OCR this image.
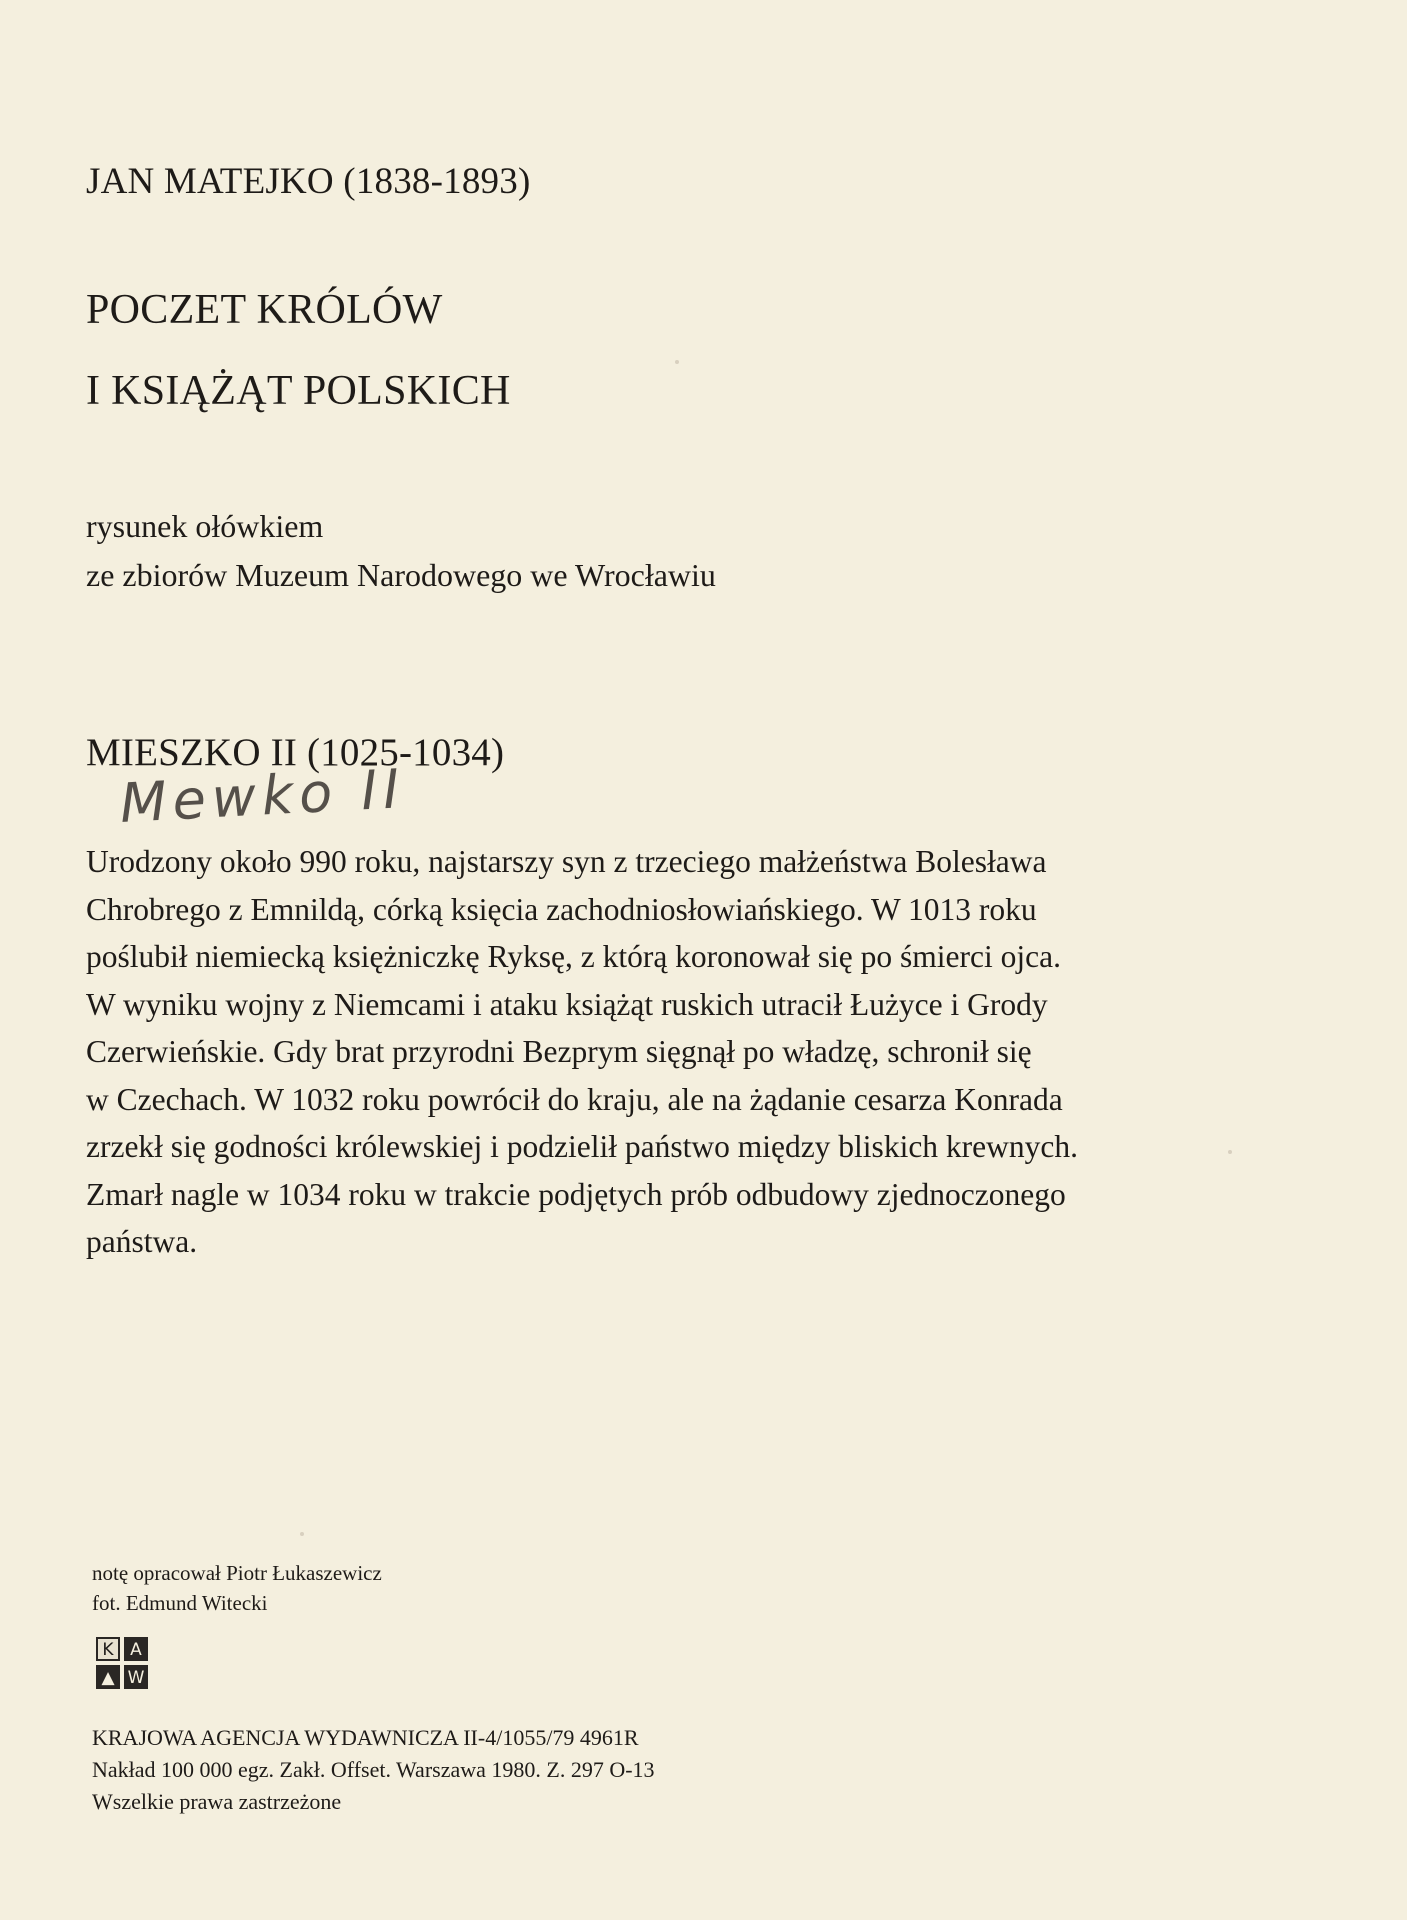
JAN MATEJKO (1838-1893)
POCZET KRÓLÓW
I KSIĄŻĄT POLSKICH
rysunek ołówkiem
ze zbiorów Muzeum Narodowego we Wrocławiu
MIESZKO II (1025-1034)
Mewko II
Urodzony około 990 roku, najstarszy syn z trzeciego małżeństwa Bolesława
Chrobrego z Emnildą, córką księcia zachodniosłowiańskiego. W 1013 roku
poślubił niemiecką księżniczkę Ryksę, z którą koronował się po śmierci ojca.
W wyniku wojny z Niemcami i ataku książąt ruskich utracił Łużyce i Grody
Czerwieńskie. Gdy brat przyrodni Bezprym sięgnął po władzę, schronił się
w Czechach. W 1032 roku powrócił do kraju, ale na żądanie cesarza Konrada
zrzekł się godności królewskiej i podzielił państwo między bliskich krewnych.
Zmarł nagle w 1034 roku w trakcie podjętych prób odbudowy zjednoczonego
państwa.
notę opracował Piotr Łukaszewicz
fot. Edmund Witecki
K A
▲ W
KRAJOWA AGENCJA WYDAWNICZA II-4/1055/79 4961R
Nakład 100 000 egz. Zakł. Offset. Warszawa 1980. Z. 297 O-13
Wszelkie prawa zastrzeżone
